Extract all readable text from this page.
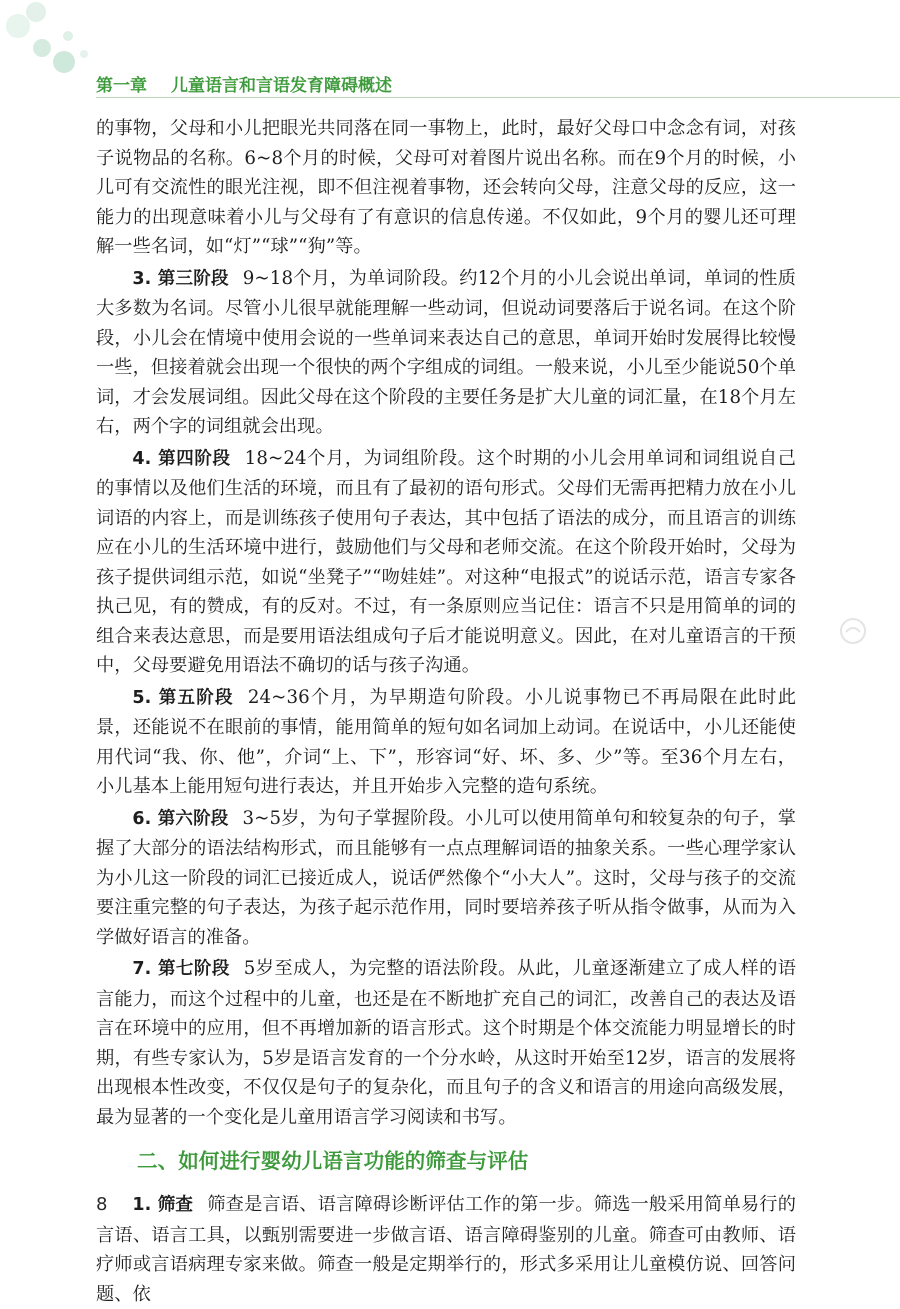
第一章 儿童语言和言语发育障碍概述

的事物，父母和小儿把眼光共同落在同一事物上，此时，最好父母口中念念有词，对孩子说物品的名称。6~8个月的时候，父母可对着图片说出名称。而在9个月的时候，小儿可有交流性的眼光注视，即不但注视着事物，还会转向父母，注意父母的反应，这一能力的出现意味着小儿与父母有了有意识的信息传递。不仅如此，9个月的婴儿还可理解一些名词，如“灯”“球”“狗”等。

3. 第三阶段 9~18个月，为单词阶段。约12个月的小儿会说出单词，单词的性质大多数为名词。尽管小儿很早就能理解一些动词，但说动词要落后于说名词。在这个阶段，小儿会在情境中使用会说的一些单词来表达自己的意思，单词开始时发展得比较慢一些，但接着就会出现一个很快的两个字组成的词组。一般来说，小儿至少能说50个单词，才会发展词组。因此父母在这个阶段的主要任务是扩大儿童的词汇量，在18个月左右，两个字的词组就会出现。

4. 第四阶段 18~24个月，为词组阶段。这个时期的小儿会用单词和词组说自己的事情以及他们生活的环境，而且有了最初的语句形式。父母们无需再把精力放在小儿词语的内容上，而是训练孩子使用句子表达，其中包括了语法的成分，而且语言的训练应在小儿的生活环境中进行，鼓励他们与父母和老师交流。在这个阶段开始时，父母为孩子提供词组示范，如说“坐凳子”“吻娃娃”。对这种“电报式”的说话示范，语言专家各执己见，有的赞成，有的反对。不过，有一条原则应当记住：语言不只是用简单的词的组合来表达意思，而是要用语法组成句子后才能说明意义。因此，在对儿童语言的干预中，父母要避免用语法不确切的话与孩子沟通。

5. 第五阶段 24~36个月，为早期造句阶段。小儿说事物已不再局限在此时此景，还能说不在眼前的事情，能用简单的短句如名词加上动词。在说话中，小儿还能使用代词“我、你、他”，介词“上、下”，形容词“好、坏、多、少”等。至36个月左右，小儿基本上能用短句进行表达，并且开始步入完整的造句系统。

6. 第六阶段 3~5岁，为句子掌握阶段。小儿可以使用简单句和较复杂的句子，掌握了大部分的语法结构形式，而且能够有一点点理解词语的抽象关系。一些心理学家认为小儿这一阶段的词汇已接近成人，说话俨然像个“小大人”。这时，父母与孩子的交流要注重完整的句子表达，为孩子起示范作用，同时要培养孩子听从指令做事，从而为入学做好语言的准备。

7. 第七阶段 5岁至成人，为完整的语法阶段。从此，儿童逐渐建立了成人样的语言能力，而这个过程中的儿童，也还是在不断地扩充自己的词汇，改善自己的表达及语言在环境中的应用，但不再增加新的语言形式。这个时期是个体交流能力明显增长的时期，有些专家认为，5岁是语言发育的一个分水岭，从这时开始至12岁，语言的发展将出现根本性改变，不仅仅是句子的复杂化，而且句子的含义和语言的用途向高级发展，最为显著的一个变化是儿童用语言学习阅读和书写。

二、如何进行婴幼儿语言功能的筛查与评估

1. 筛查 筛查是言语、语言障碍诊断评估工作的第一步。筛选一般采用简单易行的言语、语言工具，以甄别需要进一步做言语、语言障碍鉴别的儿童。筛查可由教师、语疗师或言语病理专家来做。筛查一般是定期举行的，形式多采用让儿童模仿说、回答问题、依

8
